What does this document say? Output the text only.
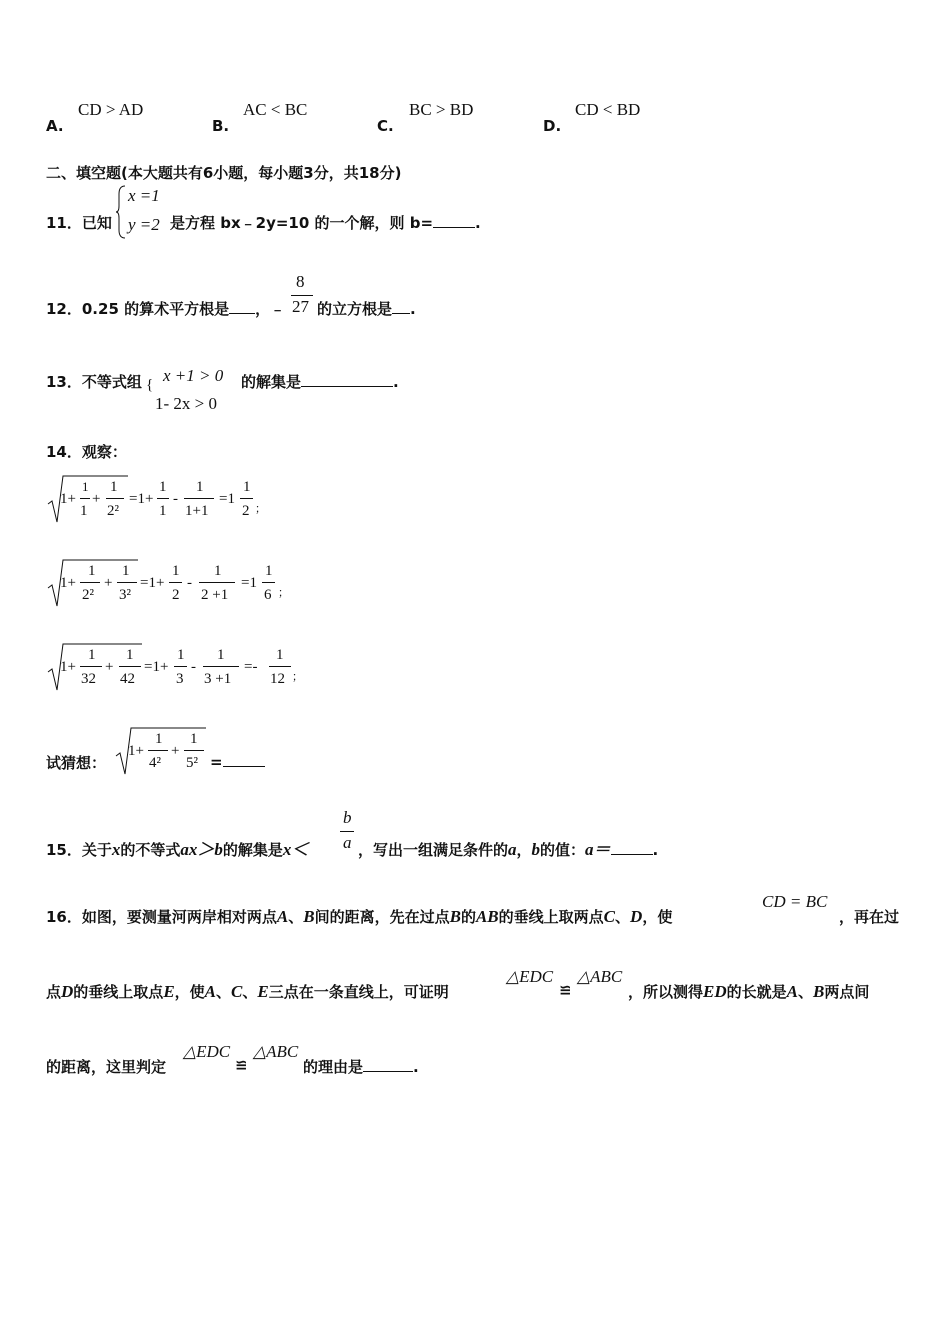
A.
CD > AD
B.
AC < BC
C.
BC > BD
D.
CD < BD
二、填空题(本大题共有6小题，每小题3分，共18分)
11．已知
x =1
y =2 是方程 bx﹣2y=10 的一个解，则 b=	.
12．0.25 的算术平方根是 ，﹣
8
27 的立方根是 .
13．不等式组 { x +1 > 0
1- 2x > 0
的解集是	.
14．观察：
1+
1
1
+
1
2²
=1+
1
1
-
1
1+1
=1
1
2 ；
1+
1
2²
+
1
3²
=1+
1
2
-
1
2 +1
=1
1
6 ；
1+
1
32
+
1
42
=1+
1
3
-
1
3 +1
=-
1
12 ；
试猜想：
1+
1
4²
+
1
5² =
15．关于x的不等式ax＞b的解集是x＜
b
a ，写出一组满足条件的a，b的值：a＝	.
16．如图，要测量河两岸相对两点A、B间的距离，先在过点B的AB的垂线上取两点C、D，使
CD = BC
，再在过
点D的垂线上取点E，使A、C、E三点在一条直线上，可证明
△EDC
≌
△ABC
，所以测得ED的长就是A、B两点间
的距离，这里判定
△EDC
≌
△ABC
的理由是	.
